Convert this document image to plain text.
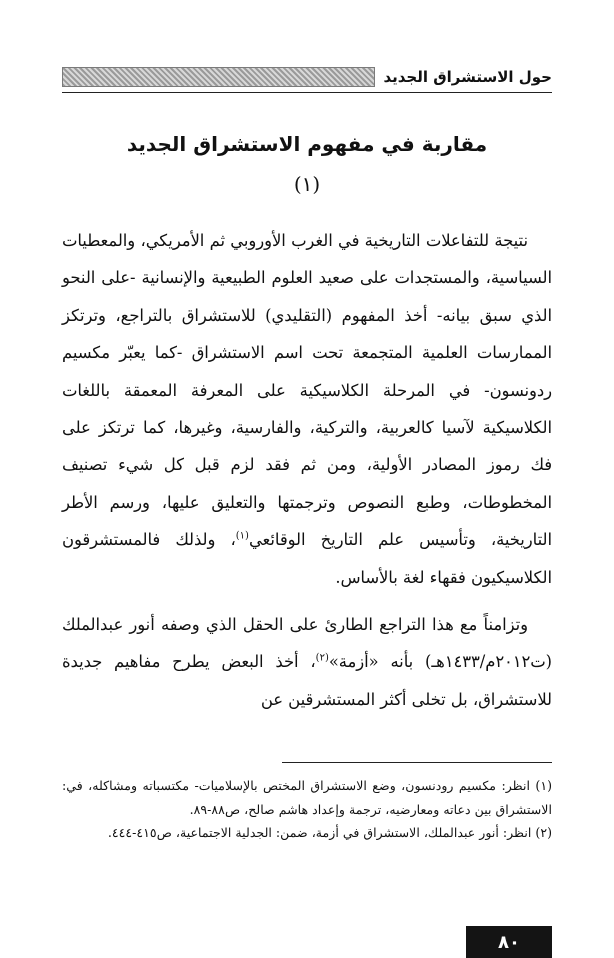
حول الاستشراق الجديد
مقاربة في مفهوم الاستشراق الجديد
(١)

نتيجة للتفاعلات التاريخية في الغرب الأوروبي ثم الأمريكي، والمعطيات السياسية، والمستجدات على صعيد العلوم الطبيعية والإنسانية -على النحو الذي سبق بيانه- أخذ المفهوم (التقليدي) للاستشراق بالتراجع، وترتكز الممارسات العلمية المتجمعة تحت اسم الاستشراق -كما يعبّر مكسيم ردونسون- في المرحلة الكلاسيكية على المعرفة المعمقة باللغات الكلاسيكية لآسيا كالعربية، والتركية، والفارسية، وغيرها، كما ترتكز على فك رموز المصادر الأولية، ومن ثم فقد لزم قبل كل شيء تصنيف المخطوطات، وطبع النصوص وترجمتها والتعليق عليها، ورسم الأطر التاريخية، وتأسيس علم التاريخ الوقائعي$^{(١)}$، ولذلك فالمستشرقون الكلاسيكيون فقهاء لغة بالأساس.

وتزامناً مع هذا التراجع الطارئ على الحقل الذي وصفه أنور عبدالملك (ت٢٠١٢م/١٤٣٣هـ) بأنه «أزمة»$^{(٢)}$، أخذ البعض يطرح مفاهيم جديدة للاستشراق، بل تخلى أكثر المستشرقين عن

(١) انظر: مكسيم رودنسون، وضع الاستشراق المختص بالإسلاميات- مكتسباته ومشاكله، في: الاستشراق بين دعاته ومعارضيه، ترجمة وإعداد هاشم صالح، ص٨٨-٨٩.

(٢) انظر: أنور عبدالملك، الاستشراق في أزمة، ضمن: الجدلية الاجتماعية، ص٤١٥-٤٤٤.

٨٠
